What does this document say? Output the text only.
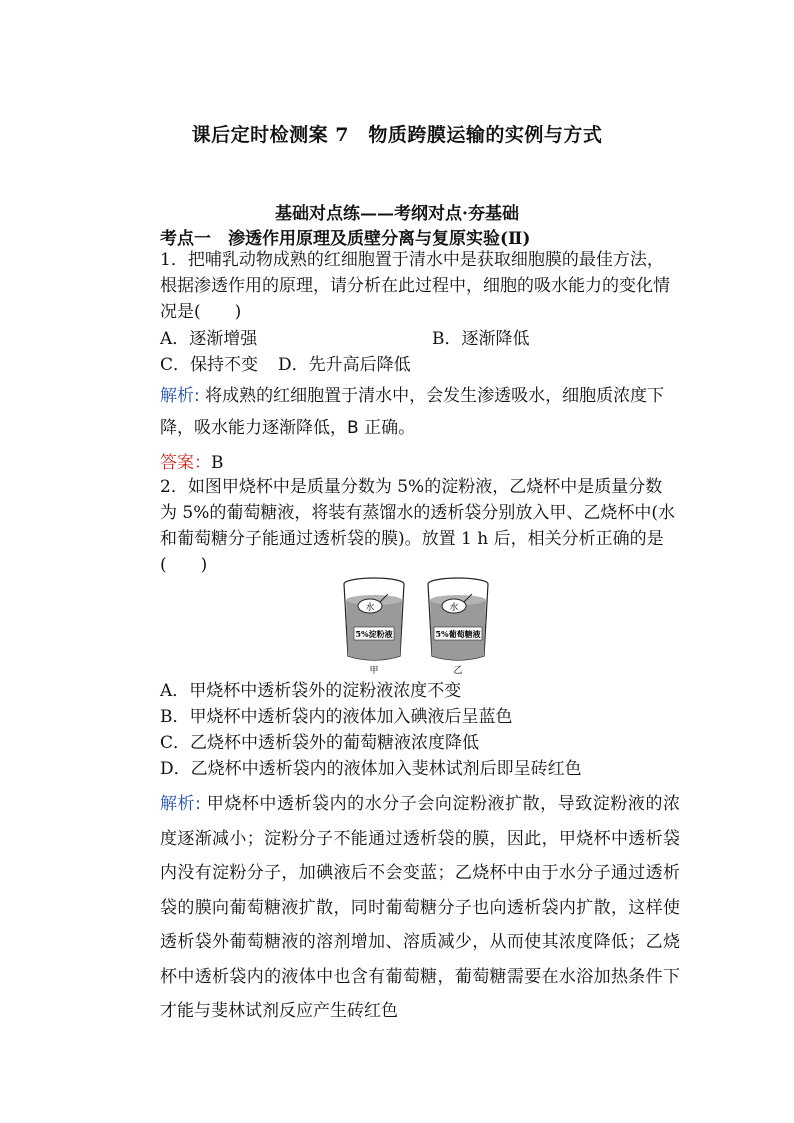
课后定时检测案 7　物质跨膜运输的实例与方式
基础对点练——考纲对点·夯基础
考点一　渗透作用原理及质壁分离与复原实验(Ⅱ)
1．把哺乳动物成熟的红细胞置于清水中是获取细胞膜的最佳方法，根据渗透作用的原理，请分析在此过程中，细胞的吸水能力的变化情况是(　　)
A．逐渐增强	B．逐渐降低
C．保持不变 D．先升高后降低
解析: 将成熟的红细胞置于清水中，会发生渗透吸水，细胞质浓度下降，吸水能力逐渐降低，B 正确。
答案：B
2．如图甲烧杯中是质量分数为 5%的淀粉液，乙烧杯中是质量分数为 5%的葡萄糖液，将装有蒸馏水的透析袋分别放入甲、乙烧杯中(水和葡萄糖分子能通过透析袋的膜)。放置 1 h 后，相关分析正确的是(　　)
水
5%淀粉液
甲
水
5%葡萄糖液
乙
A．甲烧杯中透析袋外的淀粉液浓度不变
B．甲烧杯中透析袋内的液体加入碘液后呈蓝色
C．乙烧杯中透析袋外的葡萄糖液浓度降低
D．乙烧杯中透析袋内的液体加入斐林试剂后即呈砖红色
解析: 甲烧杯中透析袋内的水分子会向淀粉液扩散，导致淀粉液的浓度逐渐减小；淀粉分子不能通过透析袋的膜，因此，甲烧杯中透析袋内没有淀粉分子，加碘液后不会变蓝；乙烧杯中由于水分子通过透析袋的膜向葡萄糖液扩散，同时葡萄糖分子也向透析袋内扩散，这样使透析袋外葡萄糖液的溶剂增加、溶质减少，从而使其浓度降低；乙烧杯中透析袋内的液体中也含有葡萄糖，葡萄糖需要在水浴加热条件下才能与斐林试剂反应产生砖红色
